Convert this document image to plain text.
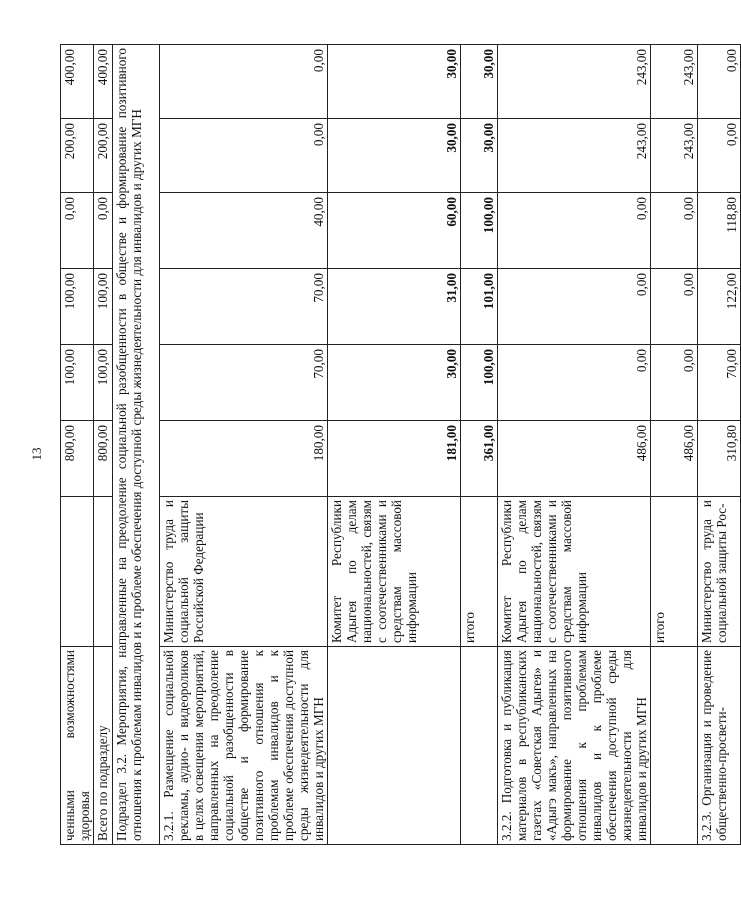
13
ченными возможностями здоровья		800,00	100,00	100,00	0,00	200,00	400,00
Всего по подразделу		800,00	100,00	100,00	0,00	200,00	400,00
Подраздел 3.2. Мероприятия, направленные на преодоление социальной разобщенности в обществе и формирование позитивного отношения к проблемам инвалидов и к проблеме обеспечения доступной среды жизнедеятельности для инвалидов и других МГН							
3.2.1. Размещение социальной рекламы, аудио- и видеороликов в целях освещения мероприятий, направленных на преодоление социальной разобщенности в обществе и формирование позитивного отношения к проблемам инвалидов и к проблеме обеспечения доступной среды жизнедеятельности для инвалидов и других МГН	Министерство труда и социальной защиты Российской Федерации	180,00	70,00	70,00	40,00	0,00	0,00
	Комитет Республики Адыгея по делам национальностей, связям с соотечественниками и средствам массовой информации	181,00	30,00	31,00	60,00	30,00	30,00
	итого	361,00	100,00	101,00	100,00	30,00	30,00
3.2.2. Подготовка и публикация материалов в республиканских газетах «Советская Адыгея» и «Адыгэ макъ», направленных на формирование позитивного отношения к проблемам инвалидов и к проблеме обеспечения доступной среды жизнедеятельности для инвалидов и других МГН	Комитет Республики Адыгея по делам национальностей, связям с соотечественниками и средствам массовой информации	486,00	0,00	0,00	0,00	243,00	243,00
	итого	486,00	0,00	0,00	0,00	243,00	243,00
3.2.3. Организация и проведение общественно-просвети-	Министерство труда и социальной защиты Рос-	310,80	70,00	122,00	118,80	0,00	0,00
